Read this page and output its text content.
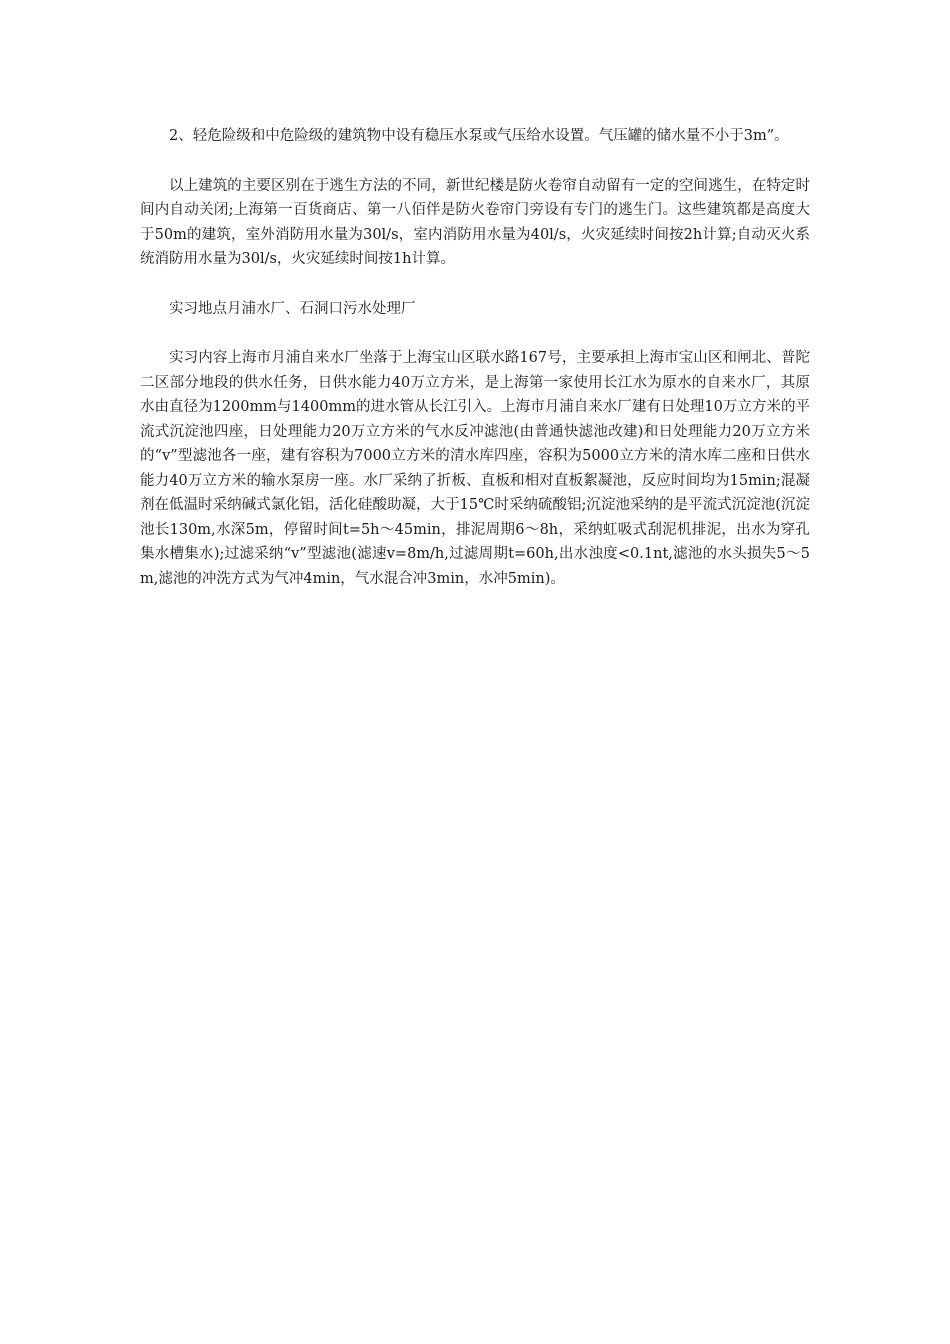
2、轻危险级和中危险级的建筑物中设有稳压水泵或气压给水设置。气压罐的储水量不小于3m”。

以上建筑的主要区别在于逃生方法的不同，新世纪楼是防火卷帘自动留有一定的空间逃生，在特定时间内自动关闭;上海第一百货商店、第一八佰伴是防火卷帘门旁设有专门的逃生门。这些建筑都是高度大于50m的建筑，室外消防用水量为30l/s，室内消防用水量为40l/s，火灾延续时间按2h计算;自动灭火系统消防用水量为30l/s，火灾延续时间按1h计算。

实习地点月浦水厂、石洞口污水处理厂

实习内容上海市月浦自来水厂坐落于上海宝山区联水路167号，主要承担上海市宝山区和闸北、普陀二区部分地段的供水任务，日供水能力40万立方米，是上海第一家使用长江水为原水的自来水厂，其原水由直径为1200mm与1400mm的进水管从长江引入。上海市月浦自来水厂建有日处理10万立方米的平流式沉淀池四座，日处理能力20万立方米的气水反冲滤池(由普通快滤池改建)和日处理能力20万立方米的“v”型滤池各一座，建有容积为7000立方米的清水库四座，容积为5000立方米的清水库二座和日供水能力40万立方米的输水泵房一座。水厂采纳了折板、直板和相对直板絮凝池，反应时间均为15min;混凝剂在低温时采纳碱式氯化铝，活化硅酸助凝，大于15℃时采纳硫酸铝;沉淀池采纳的是平流式沉淀池(沉淀池长130m,水深5m，停留时间t=5h～45min，排泥周期6～8h，采纳虹吸式刮泥机排泥，出水为穿孔集水槽集水);过滤采纳“v”型滤池(滤速v=8m/h,过滤周期t=60h,出水浊度<0.1nt,滤池的水头损失5～5m,滤池的冲洗方式为气冲4min，气水混合冲3min，水冲5min)。
